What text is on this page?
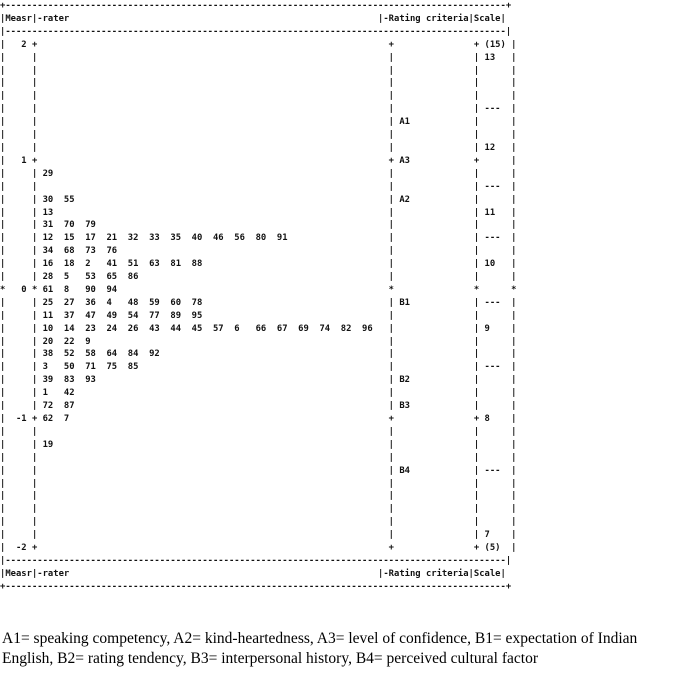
+----------------------------------------------------------------------------------------------+
|Measr|-rater                                                          |-Rating criteria|Scale|
|----------------------------------------------------------------------------------------------|
|   2 +                                                                  +               + (15) |
|     |                                                                  |               | 13   |
|     |                                                                  |               |      |
|     |                                                                  |               |      |
|     |                                                                  |               |      |
|     |                                                                  |               | ---  |
|     |                                                                  | A1            |      |
|     |                                                                  |               |      |
|     |                                                                  |               | 12   |
|   1 +                                                                  + A3            +      |
|     | 29                                                               |               |      |
|     |                                                                  |               | ---  |
|     | 30  55                                                           | A2            |      |
|     | 13                                                               |               | 11   |
|     | 31  70  79                                                       |               |      |
|     | 12  15  17  21  32  33  35  40  46  56  80  91                   |               | ---  |
|     | 34  68  73  76                                                   |               |      |
|     | 16  18  2   41  51  63  81  88                                   |               | 10   |
|     | 28  5   53  65  86                                               |               |      |
*   0 * 61  8   90  94                                                   *               *      *
|     | 25  27  36  4   48  59  60  78                                   | B1            | ---  |
|     | 11  37  47  49  54  77  89  95                                   |               |      |
|     | 10  14  23  24  26  43  44  45  57  6   66  67  69  74  82  96   |               | 9    |
|     | 20  22  9                                                        |               |      |
|     | 38  52  58  64  84  92                                           |               |      |
|     | 3   50  71  75  85                                               |               | ---  |
|     | 39  83  93                                                       | B2            |      |
|     | 1   42                                                           |               |      |
|     | 72  87                                                           | B3            |      |
|  -1 + 62  7                                                            +               + 8    |
|     |                                                                  |               |      |
|     | 19                                                               |               |      |
|     |                                                                  |               |      |
|     |                                                                  | B4            | ---  |
|     |                                                                  |               |      |
|     |                                                                  |               |      |
|     |                                                                  |               |      |
|     |                                                                  |               |      |
|     |                                                                  |               | 7    |
|  -2 +                                                                  +               + (5)  |
|----------------------------------------------------------------------------------------------|
|Measr|-rater                                                          |-Rating criteria|Scale|
+----------------------------------------------------------------------------------------------+
A1= speaking competency, A2= kind-heartedness, A3= level of confidence, B1= expectation of Indian English, B2= rating tendency, B3= interpersonal history, B4= perceived cultural factor
